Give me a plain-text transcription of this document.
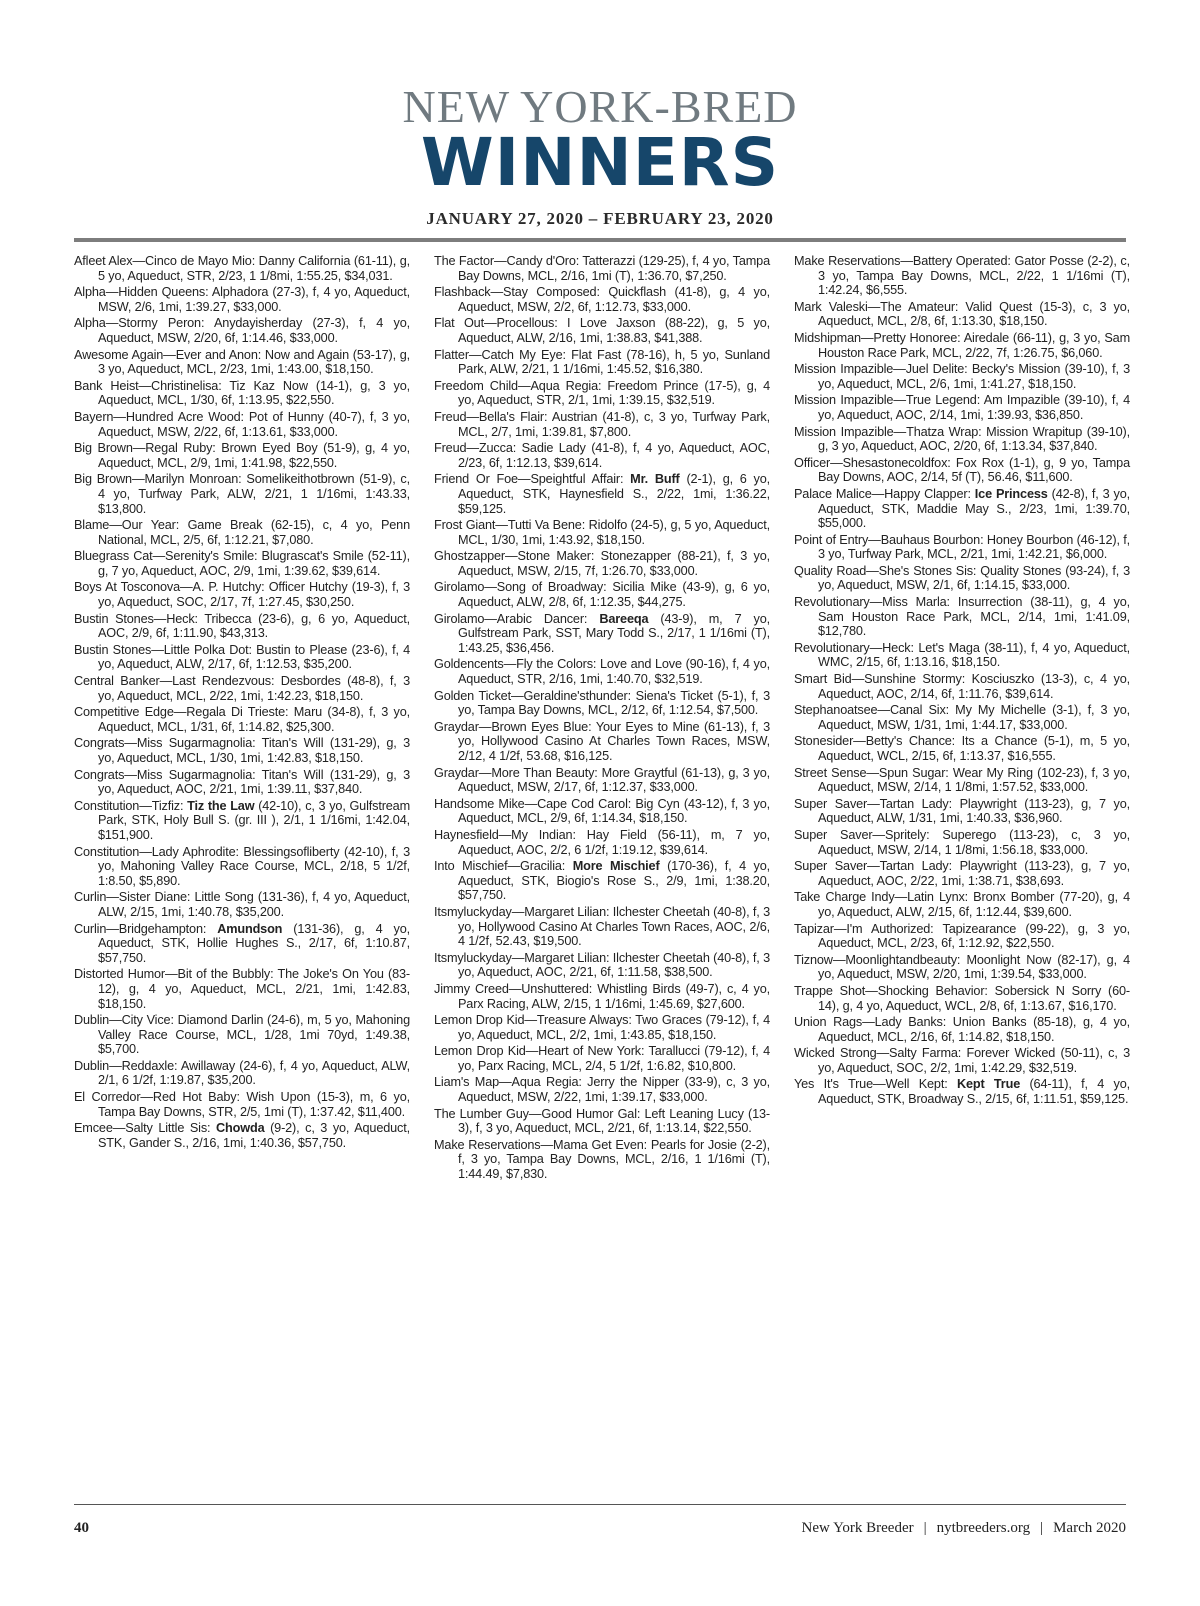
NEW YORK-BRED
WINNERS
JANUARY 27, 2020 – FEBRUARY 23, 2020

Afleet Alex—Cinco de Mayo Mio: Danny California (61-11), g, 5 yo, Aqueduct, STR, 2/23, 1 1/8mi, 1:55.25, $34,031.

Alpha—Hidden Queens: Alphadora (27-3), f, 4 yo, Aqueduct, MSW, 2/6, 1mi, 1:39.27, $33,000.

Alpha—Stormy Peron: Anydayisherday (27-3), f, 4 yo, Aqueduct, MSW, 2/20, 6f, 1:14.46, $33,000.

Awesome Again—Ever and Anon: Now and Again (53-17), g, 3 yo, Aqueduct, MCL, 2/23, 1mi, 1:43.00, $18,150.

Bank Heist—Christinelisa: Tiz Kaz Now (14-1), g, 3 yo, Aqueduct, MCL, 1/30, 6f, 1:13.95, $22,550.

Bayern—Hundred Acre Wood: Pot of Hunny (40-7), f, 3 yo, Aqueduct, MSW, 2/22, 6f, 1:13.61, $33,000.

Big Brown—Regal Ruby: Brown Eyed Boy (51-9), g, 4 yo, Aqueduct, MCL, 2/9, 1mi, 1:41.98, $22,550.

Big Brown—Marilyn Monroan: Somelikeithotbrown (51-9), c, 4 yo, Turfway Park, ALW, 2/21, 1 1/16mi, 1:43.33, $13,800.

Blame—Our Year: Game Break (62-15), c, 4 yo, Penn National, MCL, 2/5, 6f, 1:12.21, $7,080.

Bluegrass Cat—Serenity's Smile: Blugrascat's Smile (52-11), g, 7 yo, Aqueduct, AOC, 2/9, 1mi, 1:39.62, $39,614.

Boys At Tosconova—A. P. Hutchy: Officer Hutchy (19-3), f, 3 yo, Aqueduct, SOC, 2/17, 7f, 1:27.45, $30,250.

Bustin Stones—Heck: Tribecca (23-6), g, 6 yo, Aqueduct, AOC, 2/9, 6f, 1:11.90, $43,313.

Bustin Stones—Little Polka Dot: Bustin to Please (23-6), f, 4 yo, Aqueduct, ALW, 2/17, 6f, 1:12.53, $35,200.

Central Banker—Last Rendezvous: Desbordes (48-8), f, 3 yo, Aqueduct, MCL, 2/22, 1mi, 1:42.23, $18,150.

Competitive Edge—Regala Di Trieste: Maru (34-8), f, 3 yo, Aqueduct, MCL, 1/31, 6f, 1:14.82, $25,300.

Congrats—Miss Sugarmagnolia: Titan's Will (131-29), g, 3 yo, Aqueduct, MCL, 1/30, 1mi, 1:42.83, $18,150.

Congrats—Miss Sugarmagnolia: Titan's Will (131-29), g, 3 yo, Aqueduct, AOC, 2/21, 1mi, 1:39.11, $37,840.

Constitution—Tizfiz: Tiz the Law (42-10), c, 3 yo, Gulfstream Park, STK, Holy Bull S. (gr. III ), 2/1, 1 1/16mi, 1:42.04, $151,900.

Constitution—Lady Aphrodite: Blessingsofliberty (42-10), f, 3 yo, Mahoning Valley Race Course, MCL, 2/18, 5 1/2f, 1:8.50, $5,890.

Curlin—Sister Diane: Little Song (131-36), f, 4 yo, Aqueduct, ALW, 2/15, 1mi, 1:40.78, $35,200.

Curlin—Bridgehampton: Amundson (131-36), g, 4 yo, Aqueduct, STK, Hollie Hughes S., 2/17, 6f, 1:10.87, $57,750.

Distorted Humor—Bit of the Bubbly: The Joke's On You (83-12), g, 4 yo, Aqueduct, MCL, 2/21, 1mi, 1:42.83, $18,150.

Dublin—City Vice: Diamond Darlin (24-6), m, 5 yo, Mahoning Valley Race Course, MCL, 1/28, 1mi 70yd, 1:49.38, $5,700.

Dublin—Reddaxle: Awillaway (24-6), f, 4 yo, Aqueduct, ALW, 2/1, 6 1/2f, 1:19.87, $35,200.

El Corredor—Red Hot Baby: Wish Upon (15-3), m, 6 yo, Tampa Bay Downs, STR, 2/5, 1mi (T), 1:37.42, $11,400.

Emcee—Salty Little Sis: Chowda (9-2), c, 3 yo, Aqueduct, STK, Gander S., 2/16, 1mi, 1:40.36, $57,750.

The Factor—Candy d'Oro: Tatterazzi (129-25), f, 4 yo, Tampa Bay Downs, MCL, 2/16, 1mi (T), 1:36.70, $7,250.

Flashback—Stay Composed: Quickflash (41-8), g, 4 yo, Aqueduct, MSW, 2/2, 6f, 1:12.73, $33,000.

Flat Out—Procellous: I Love Jaxson (88-22), g, 5 yo, Aqueduct, ALW, 2/16, 1mi, 1:38.83, $41,388.

Flatter—Catch My Eye: Flat Fast (78-16), h, 5 yo, Sunland Park, ALW, 2/21, 1 1/16mi, 1:45.52, $16,380.

Freedom Child—Aqua Regia: Freedom Prince (17-5), g, 4 yo, Aqueduct, STR, 2/1, 1mi, 1:39.15, $32,519.

Freud—Bella's Flair: Austrian (41-8), c, 3 yo, Turfway Park, MCL, 2/7, 1mi, 1:39.81, $7,800.

Freud—Zucca: Sadie Lady (41-8), f, 4 yo, Aqueduct, AOC, 2/23, 6f, 1:12.13, $39,614.

Friend Or Foe—Speightful Affair: Mr. Buff (2-1), g, 6 yo, Aqueduct, STK, Haynesfield S., 2/22, 1mi, 1:36.22, $59,125.

Frost Giant—Tutti Va Bene: Ridolfo (24-5), g, 5 yo, Aqueduct, MCL, 1/30, 1mi, 1:43.92, $18,150.

Ghostzapper—Stone Maker: Stonezapper (88-21), f, 3 yo, Aqueduct, MSW, 2/15, 7f, 1:26.70, $33,000.

Girolamo—Song of Broadway: Sicilia Mike (43-9), g, 6 yo, Aqueduct, ALW, 2/8, 6f, 1:12.35, $44,275.

Girolamo—Arabic Dancer: Bareeqa (43-9), m, 7 yo, Gulfstream Park, SST, Mary Todd S., 2/17, 1 1/16mi (T), 1:43.25, $36,456.

Goldencents—Fly the Colors: Love and Love (90-16), f, 4 yo, Aqueduct, STR, 2/16, 1mi, 1:40.70, $32,519.

Golden Ticket—Geraldine'sthunder: Siena's Ticket (5-1), f, 3 yo, Tampa Bay Downs, MCL, 2/12, 6f, 1:12.54, $7,500.

Graydar—Brown Eyes Blue: Your Eyes to Mine (61-13), f, 3 yo, Hollywood Casino At Charles Town Races, MSW, 2/12, 4 1/2f, 53.68, $16,125.

Graydar—More Than Beauty: More Graytful (61-13), g, 3 yo, Aqueduct, MSW, 2/17, 6f, 1:12.37, $33,000.

Handsome Mike—Cape Cod Carol: Big Cyn (43-12), f, 3 yo, Aqueduct, MCL, 2/9, 6f, 1:14.34, $18,150.

Haynesfield—My Indian: Hay Field (56-11), m, 7 yo, Aqueduct, AOC, 2/2, 6 1/2f, 1:19.12, $39,614.

Into Mischief—Gracilia: More Mischief (170-36), f, 4 yo, Aqueduct, STK, Biogio's Rose S., 2/9, 1mi, 1:38.20, $57,750.

Itsmyluckyday—Margaret Lilian: Ilchester Cheetah (40-8), f, 3 yo, Hollywood Casino At Charles Town Races, AOC, 2/6, 4 1/2f, 52.43, $19,500.

Itsmyluckyday—Margaret Lilian: Ilchester Cheetah (40-8), f, 3 yo, Aqueduct, AOC, 2/21, 6f, 1:11.58, $38,500.

Jimmy Creed—Unshuttered: Whistling Birds (49-7), c, 4 yo, Parx Racing, ALW, 2/15, 1 1/16mi, 1:45.69, $27,600.

Lemon Drop Kid—Treasure Always: Two Graces (79-12), f, 4 yo, Aqueduct, MCL, 2/2, 1mi, 1:43.85, $18,150.

Lemon Drop Kid—Heart of New York: Tarallucci (79-12), f, 4 yo, Parx Racing, MCL, 2/4, 5 1/2f, 1:6.82, $10,800.

Liam's Map—Aqua Regia: Jerry the Nipper (33-9), c, 3 yo, Aqueduct, MSW, 2/22, 1mi, 1:39.17, $33,000.

The Lumber Guy—Good Humor Gal: Left Leaning Lucy (13-3), f, 3 yo, Aqueduct, MCL, 2/21, 6f, 1:13.14, $22,550.

Make Reservations—Mama Get Even: Pearls for Josie (2-2), f, 3 yo, Tampa Bay Downs, MCL, 2/16, 1 1/16mi (T), 1:44.49, $7,830.

Make Reservations—Battery Operated: Gator Posse (2-2), c, 3 yo, Tampa Bay Downs, MCL, 2/22, 1 1/16mi (T), 1:42.24, $6,555.

Mark Valeski—The Amateur: Valid Quest (15-3), c, 3 yo, Aqueduct, MCL, 2/8, 6f, 1:13.30, $18,150.

Midshipman—Pretty Honoree: Airedale (66-11), g, 3 yo, Sam Houston Race Park, MCL, 2/22, 7f, 1:26.75, $6,060.

Mission Impazible—Juel Delite: Becky's Mission (39-10), f, 3 yo, Aqueduct, MCL, 2/6, 1mi, 1:41.27, $18,150.

Mission Impazible—True Legend: Am Impazible (39-10), f, 4 yo, Aqueduct, AOC, 2/14, 1mi, 1:39.93, $36,850.

Mission Impazible—Thatza Wrap: Mission Wrapitup (39-10), g, 3 yo, Aqueduct, AOC, 2/20, 6f, 1:13.34, $37,840.

Officer—Shesastonecoldfox: Fox Rox (1-1), g, 9 yo, Tampa Bay Downs, AOC, 2/14, 5f (T), 56.46, $11,600.

Palace Malice—Happy Clapper: Ice Princess (42-8), f, 3 yo, Aqueduct, STK, Maddie May S., 2/23, 1mi, 1:39.70, $55,000.

Point of Entry—Bauhaus Bourbon: Honey Bourbon (46-12), f, 3 yo, Turfway Park, MCL, 2/21, 1mi, 1:42.21, $6,000.

Quality Road—She's Stones Sis: Quality Stones (93-24), f, 3 yo, Aqueduct, MSW, 2/1, 6f, 1:14.15, $33,000.

Revolutionary—Miss Marla: Insurrection (38-11), g, 4 yo, Sam Houston Race Park, MCL, 2/14, 1mi, 1:41.09, $12,780.

Revolutionary—Heck: Let's Maga (38-11), f, 4 yo, Aqueduct, WMC, 2/15, 6f, 1:13.16, $18,150.

Smart Bid—Sunshine Stormy: Kosciuszko (13-3), c, 4 yo, Aqueduct, AOC, 2/14, 6f, 1:11.76, $39,614.

Stephanoatsee—Canal Six: My My Michelle (3-1), f, 3 yo, Aqueduct, MSW, 1/31, 1mi, 1:44.17, $33,000.

Stonesider—Betty's Chance: Its a Chance (5-1), m, 5 yo, Aqueduct, WCL, 2/15, 6f, 1:13.37, $16,555.

Street Sense—Spun Sugar: Wear My Ring (102-23), f, 3 yo, Aqueduct, MSW, 2/14, 1 1/8mi, 1:57.52, $33,000.

Super Saver—Tartan Lady: Playwright (113-23), g, 7 yo, Aqueduct, ALW, 1/31, 1mi, 1:40.33, $36,960.

Super Saver—Spritely: Superego (113-23), c, 3 yo, Aqueduct, MSW, 2/14, 1 1/8mi, 1:56.18, $33,000.

Super Saver—Tartan Lady: Playwright (113-23), g, 7 yo, Aqueduct, AOC, 2/22, 1mi, 1:38.71, $38,693.

Take Charge Indy—Latin Lynx: Bronx Bomber (77-20), g, 4 yo, Aqueduct, ALW, 2/15, 6f, 1:12.44, $39,600.

Tapizar—I'm Authorized: Tapizearance (99-22), g, 3 yo, Aqueduct, MCL, 2/23, 6f, 1:12.92, $22,550.

Tiznow—Moonlightandbeauty: Moonlight Now (82-17), g, 4 yo, Aqueduct, MSW, 2/20, 1mi, 1:39.54, $33,000.

Trappe Shot—Shocking Behavior: Sobersick N Sorry (60-14), g, 4 yo, Aqueduct, WCL, 2/8, 6f, 1:13.67, $16,170.

Union Rags—Lady Banks: Union Banks (85-18), g, 4 yo, Aqueduct, MCL, 2/16, 6f, 1:14.82, $18,150.

Wicked Strong—Salty Farma: Forever Wicked (50-11), c, 3 yo, Aqueduct, SOC, 2/2, 1mi, 1:42.29, $32,519.

Yes It's True—Well Kept: Kept True (64-11), f, 4 yo, Aqueduct, STK, Broadway S., 2/15, 6f, 1:11.51, $59,125.

40	New York Breeder | nytbreeders.org | March 2020
